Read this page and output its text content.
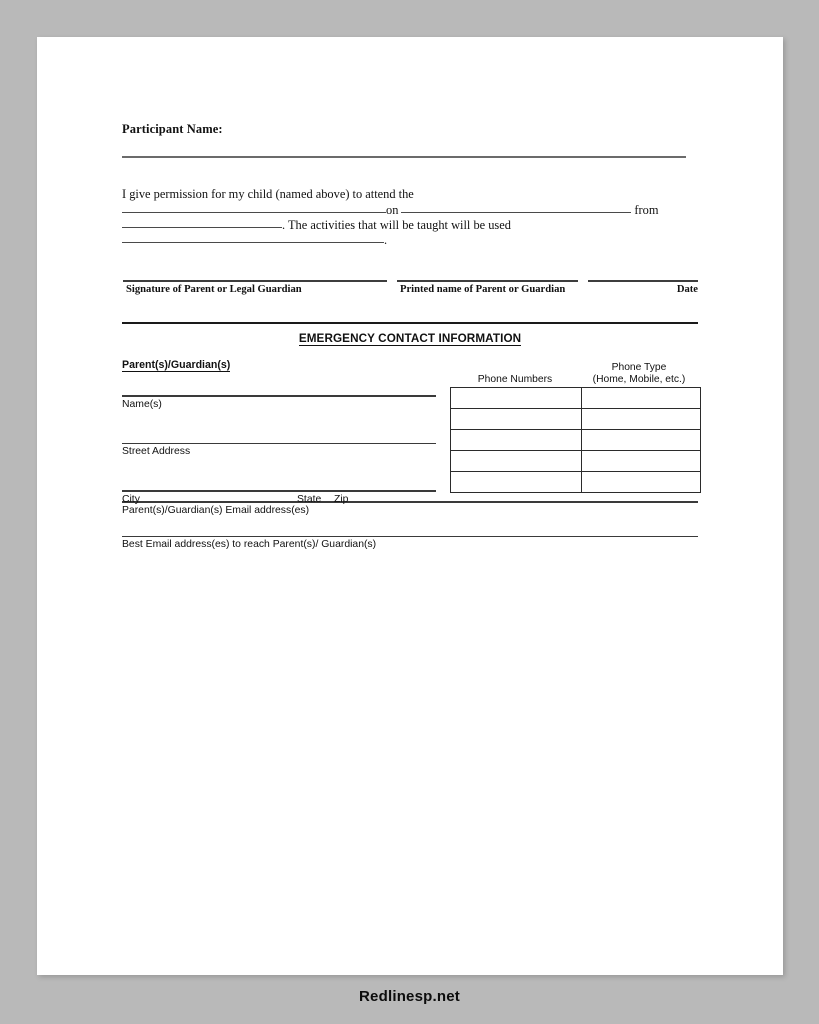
Participant Name:
I give permission for my child (named above) to attend the
on	from
. The activities that will be taught will be used
.
Signature of Parent or Legal Guardian	Printed name of Parent or Guardian	Date
EMERGENCY CONTACT INFORMATION
Parent(s)/Guardian(s)
Name(s)
Street Address
City	State Zip
Phone Numbers
Phone Type
(Home, Mobile, etc.)

Parent(s)/Guardian(s) Email address(es)
Best Email address(es) to reach Parent(s)/ Guardian(s)
Redlinesp.net
